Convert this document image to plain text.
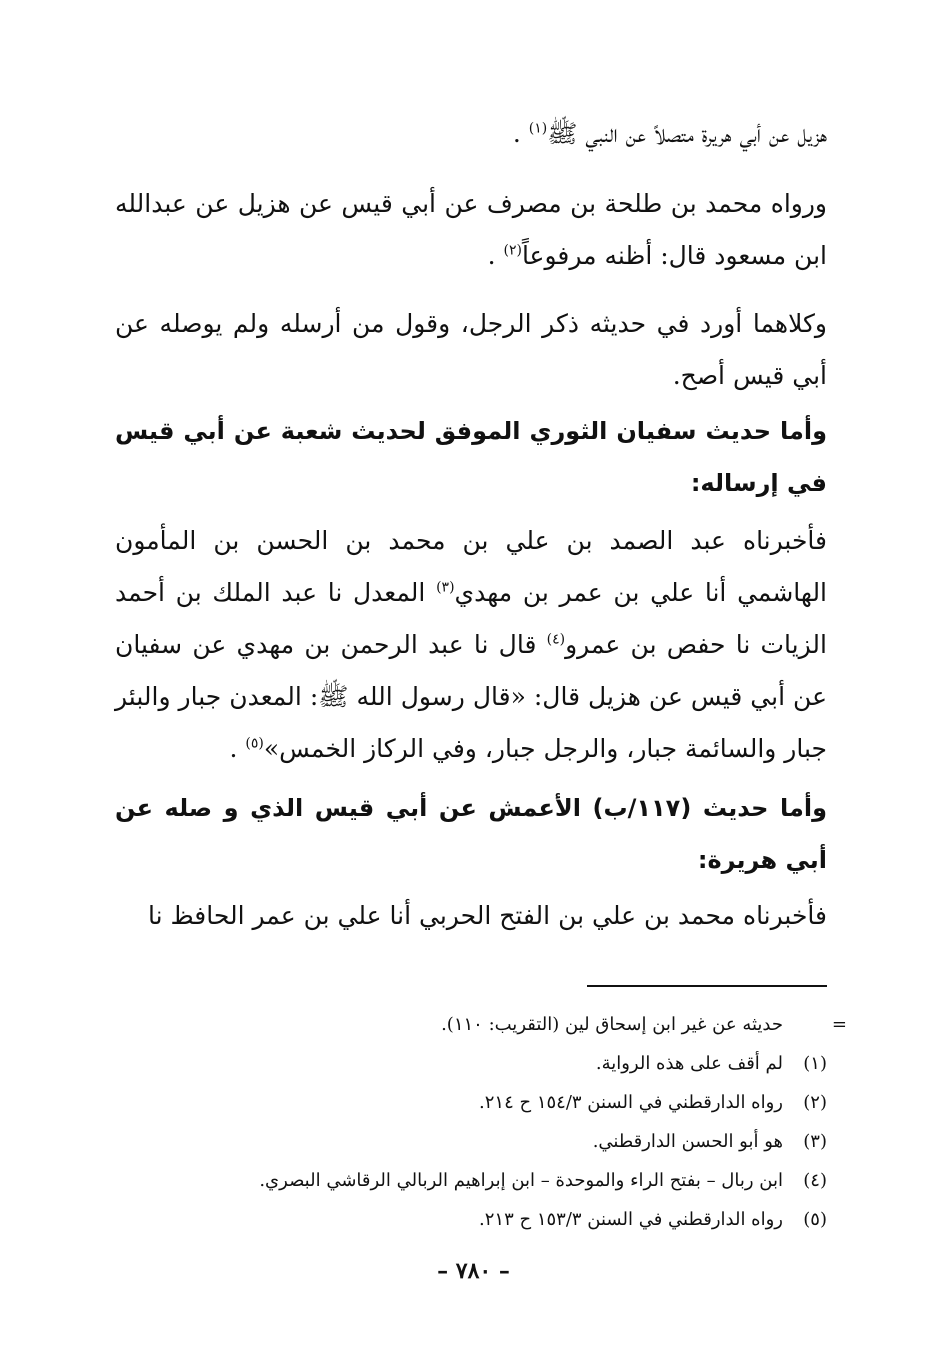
هزيل عن أبي هريرة متصلاً عن النبي ﷺ$^{(١)}$ .
ورواه محمد بن طلحة بن مصرف عن أبي قيس عن هزيل عن عبدالله ابن مسعود قال: أظنه مرفوعاً$^{(٢)}$ .
وكلاهما أورد في حديثه ذكر الرجل، وقول من أرسله ولم يوصله عن أبي قيس أصح.
وأما حديث سفيان الثوري الموفق لحديث شعبة عن أبي قيس في إرساله:
فأخبرناه عبد الصمد بن علي بن محمد بن الحسن بن المأمون الهاشمي أنا علي بن عمر بن مهدي$^{(٣)}$ المعدل نا عبد الملك بن أحمد الزيات نا حفص بن عمرو$^{(٤)}$ قال نا عبد الرحمن بن مهدي عن سفيان عن أبي قيس عن هزيل قال: «قال رسول الله ﷺ: المعدن جبار والبئر جبار والسائمة جبار، والرجل جبار، وفي الركاز الخمس»$^{(٥)}$ .
وأما حديث (١١٧/ب) الأعمش عن أبي قيس الذي و صله عن أبي هريرة:
فأخبرناه محمد بن علي بن الفتح الحربي أنا علي بن عمر الحافظ نا
=
حديثه عن غير ابن إسحاق لين (التقريب: ١١٠).
(١)لم أقف على هذه الرواية.
(٢)رواه الدارقطني في السنن ١٥٤/٣ ح ٢١٤.
(٣)هو أبو الحسن الدارقطني.
(٤)ابن ربال – بفتح الراء والموحدة – ابن إبراهيم الربالي الرقاشي البصري.
(٥)رواه الدارقطني في السنن ١٥٣/٣ ح ٢١٣.
– ٧٨٠ –
